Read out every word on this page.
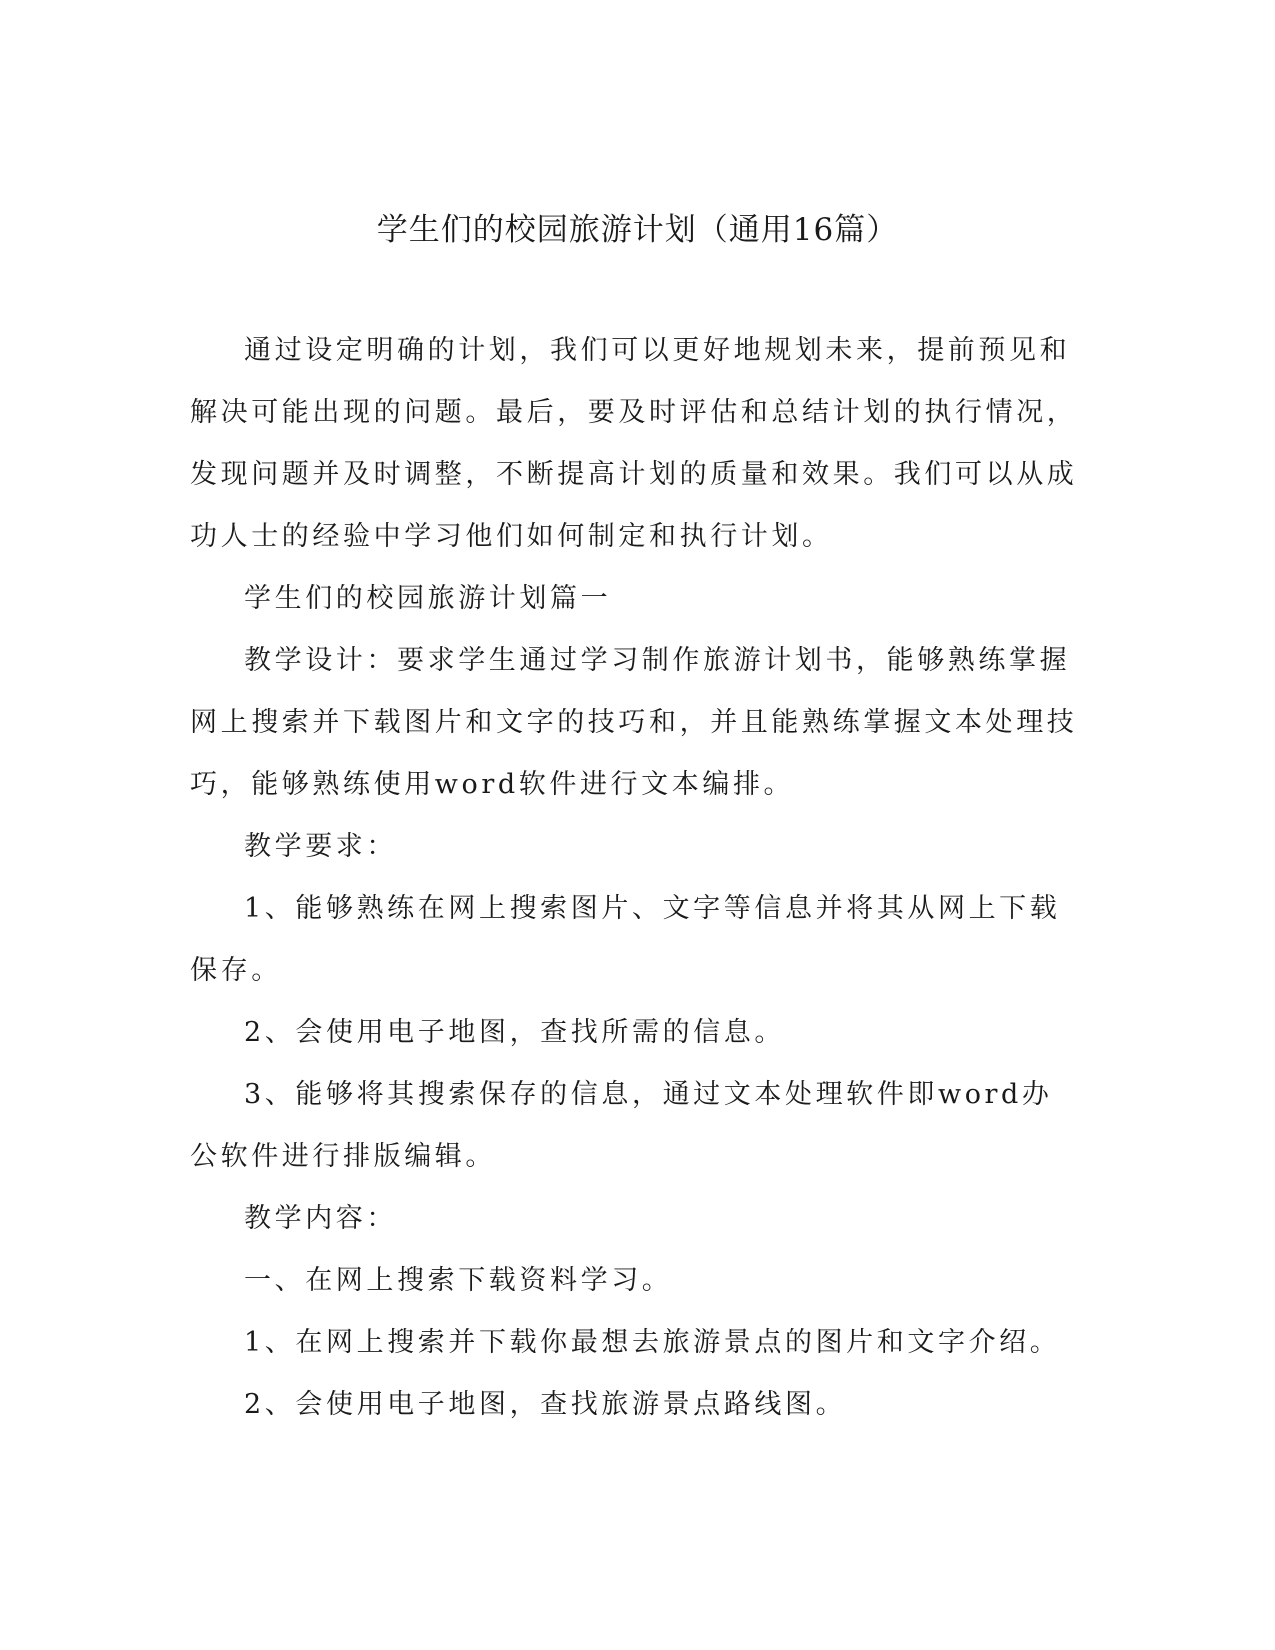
学生们的校园旅游计划（通用16篇）

通过设定明确的计划，我们可以更好地规划未来，提前预见和解决可能出现的问题。最后，要及时评估和总结计划的执行情况，发现问题并及时调整，不断提高计划的质量和效果。我们可以从成功人士的经验中学习他们如何制定和执行计划。

学生们的校园旅游计划篇一

教学设计：要求学生通过学习制作旅游计划书，能够熟练掌握网上搜索并下载图片和文字的技巧和，并且能熟练掌握文本处理技巧，能够熟练使用word软件进行文本编排。

教学要求：

1、能够熟练在网上搜索图片、文字等信息并将其从网上下载保存。

2、会使用电子地图，查找所需的信息。

3、能够将其搜索保存的信息，通过文本处理软件即word办公软件进行排版编辑。

教学内容：

一、在网上搜索下载资料学习。

1、在网上搜索并下载你最想去旅游景点的图片和文字介绍。

2、会使用电子地图，查找旅游景点路线图。
